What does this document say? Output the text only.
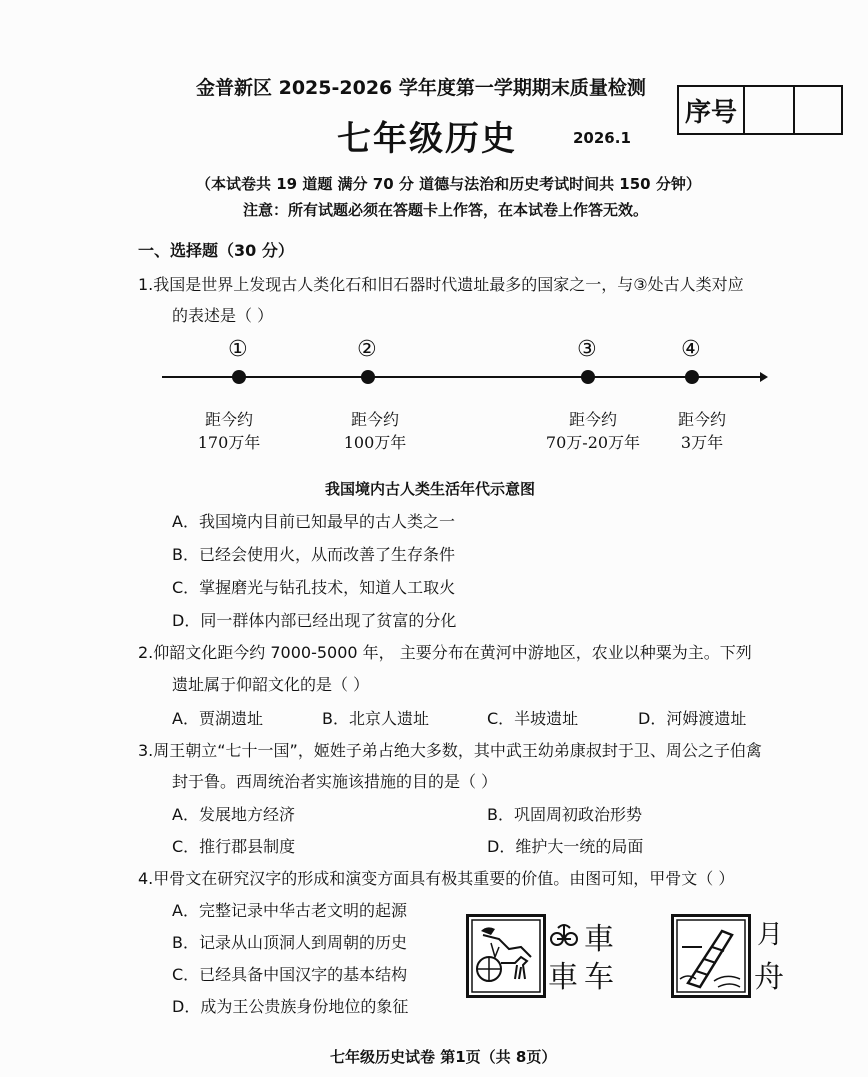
金普新区 2025-2026 学年度第一学期期末质量检测
序号
七年级历史	2026.1
（本试卷共 19 道题 满分 70 分 道德与法治和历史考试时间共 150 分钟）
注意：所有试题必须在答题卡上作答，在本试卷上作答无效。
一、选择题（30 分）
1.我国是世界上发现古人类化石和旧石器时代遗址最多的国家之一，与③处古人类对应
的表述是（ ）
①	②	③	④
距今约
170万年
距今约
100万年
距今约
70万-20万年
距今约
3万年
我国境内古人类生活年代示意图
A．我国境内目前已知最早的古人类之一
B．已经会使用火，从而改善了生存条件
C．掌握磨光与钻孔技术，知道人工取火
D．同一群体内部已经出现了贫富的分化
2.仰韶文化距今约 7000-5000 年， 主要分布在黄河中游地区，农业以种粟为主。下列
遗址属于仰韶文化的是（ ）
A．贾湖遗址	B．北京人遗址	C．半坡遗址	D．河姆渡遗址
3.周王朝立“七十一国”，姬姓子弟占绝大多数，其中武王幼弟康叔封于卫、周公之子伯禽
封于鲁。西周统治者实施该措施的目的是（ ）
A．发展地方经济	B．巩固周初政治形势
C．推行郡县制度	D．维护大一统的局面
4.甲骨文在研究汉字的形成和演变方面具有极其重要的价值。由图可知，甲骨文（ ）
A．完整记录中华古老文明的起源
B．记录从山顶洞人到周朝的历史
C．已经具备中国汉字的基本结构
D．成为王公贵族身份地位的象征
車
車 车
月
舟
七年级历史试卷 第1页（共 8页）
